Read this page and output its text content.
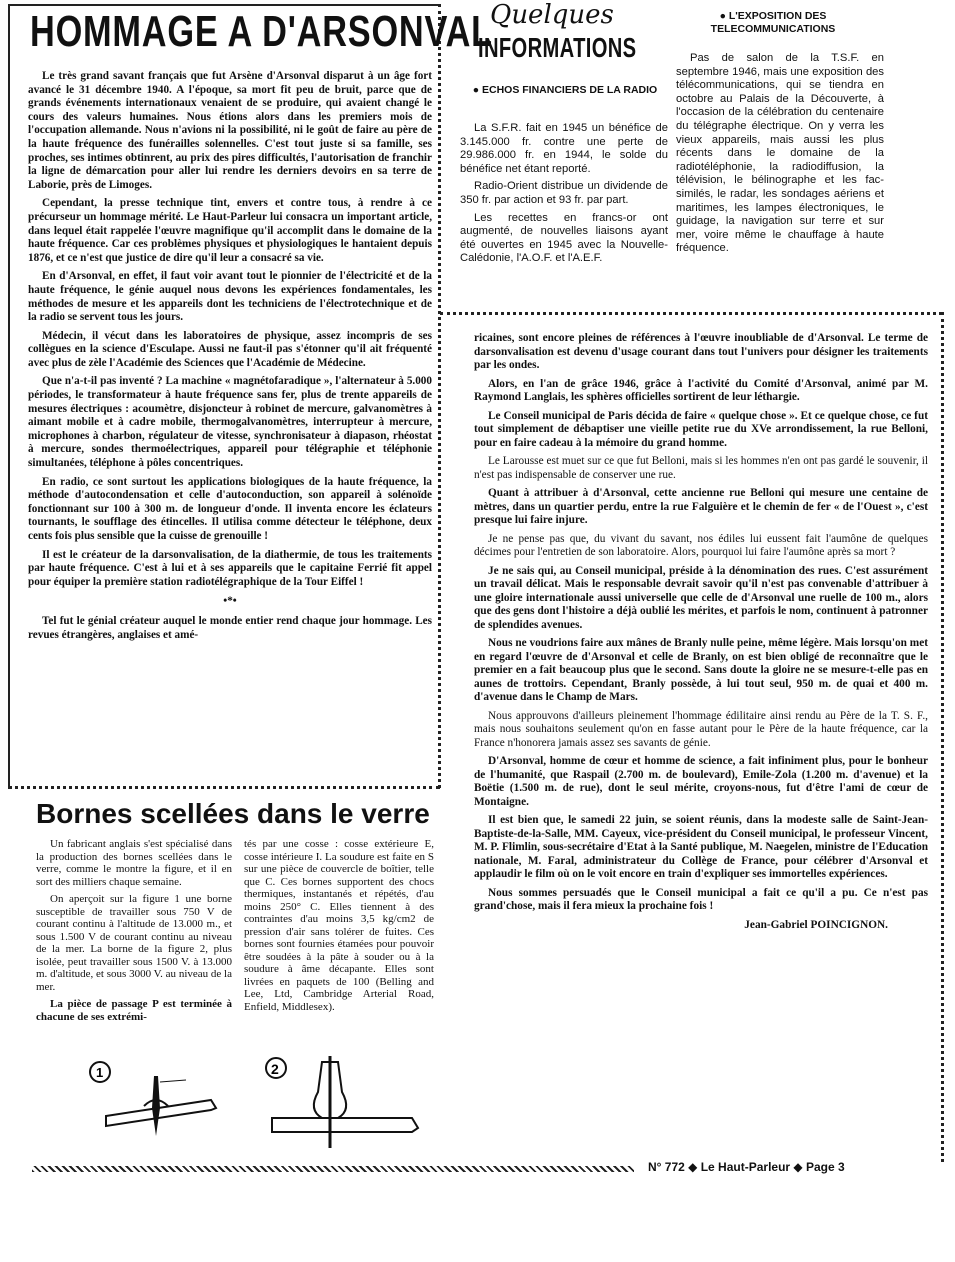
HOMMAGE A D'ARSONVAL

Le très grand savant français que fut Arsène d'Arsonval disparut à un âge fort avancé le 31 décembre 1940. A l'époque, sa mort fit peu de bruit, parce que de grands événements internationaux venaient de se produire, qui avaient changé le cours des valeurs humaines. Nous étions alors dans les premiers mois de l'occupation allemande. Nous n'avions ni la possibilité, ni le goût de faire au père de la haute fréquence des funérailles solennelles. C'est tout juste si sa famille, ses proches, ses intimes obtinrent, au prix des pires difficultés, l'autorisation de franchir la ligne de démarcation pour aller lui rendre les derniers devoirs en sa terre de Laborie, près de Limoges.

Cependant, la presse technique tint, envers et contre tous, à rendre à ce précurseur un hommage mérité. Le Haut-Parleur lui consacra un important article, dans lequel était rappelée l'œuvre magnifique qu'il accomplit dans le domaine de la haute fréquence. Car ces problèmes physiques et physiologiques le hantaient depuis 1876, et ce n'est que justice de dire qu'il leur a consacré sa vie.

En d'Arsonval, en effet, il faut voir avant tout le pionnier de l'électricité et de la haute fréquence, le génie auquel nous devons les expériences fondamentales, les méthodes de mesure et les appareils dont les techniciens de l'électrotechnique et de la radio se servent tous les jours.

Médecin, il vécut dans les laboratoires de physique, assez incompris de ses collègues en la science d'Esculape. Aussi ne faut-il pas s'étonner qu'il ait fréquenté avec plus de zèle l'Académie des Sciences que l'Académie de Médecine.

Que n'a-t-il pas inventé ? La machine « magnétofaradique », l'alternateur à 5.000 périodes, le transformateur à haute fréquence sans fer, plus de trente appareils de mesures électriques : acoumètre, disjoncteur à robinet de mercure, galvanomètres à aimant mobile et à cadre mobile, thermogalvanomètres, interrupteur à mercure, microphones à charbon, régulateur de vitesse, synchronisateur à diapason, rhéostat à mercure, sondes thermoélectriques, appareil pour télégraphie et téléphonie simultanées, téléphone à pôles concentriques.

En radio, ce sont surtout les applications biologiques de la haute fréquence, la méthode d'autocondensation et celle d'autoconduction, son appareil à solénoïde fonctionnant sur 100 à 300 m. de longueur d'onde. Il inventa encore les éclateurs tournants, le soufflage des étincelles. Il utilisa comme détecteur le téléphone, deux cents fois plus sensible que la cuisse de grenouille !

Il est le créateur de la darsonvalisation, de la diathermie, de tous les traitements par haute fréquence. C'est à lui et à ses appareils que le capitaine Ferrié fit appel pour équiper la première station radiotélégraphique de la Tour Eiffel !

•*•

Tel fut le génial créateur auquel le monde entier rend chaque jour hommage. Les revues étrangères, anglaises et amé-

ricaines, sont encore pleines de références à l'œuvre inoubliable de d'Arsonval. Le terme de darsonvalisation est devenu d'usage courant dans tout l'univers pour désigner les traitements par les ondes.

Alors, en l'an de grâce 1946, grâce à l'activité du Comité d'Arsonval, animé par M. Raymond Langlais, les sphères officielles sortirent de leur léthargie.

Le Conseil municipal de Paris décida de faire « quelque chose ». Et ce quelque chose, ce fut tout simplement de débaptiser une vieille petite rue du XVe arrondissement, la rue Belloni, pour en faire cadeau à la mémoire du grand homme.

Le Larousse est muet sur ce que fut Belloni, mais si les hommes n'en ont pas gardé le souvenir, il n'est pas indispensable de conserver une rue.

Quant à attribuer à d'Arsonval, cette ancienne rue Belloni qui mesure une centaine de mètres, dans un quartier perdu, entre la rue Falguière et le chemin de fer « de l'Ouest », c'est presque lui faire injure.

Je ne pense pas que, du vivant du savant, nos édiles lui eussent fait l'aumône de quelques décimes pour l'entretien de son laboratoire. Alors, pourquoi lui faire l'aumône après sa mort ?

Je ne sais qui, au Conseil municipal, préside à la dénomination des rues. C'est assurément un travail délicat. Mais le responsable devrait savoir qu'il n'est pas convenable d'attribuer à une gloire internationale aussi universelle que celle de d'Arsonval une ruelle de 100 m., alors que des gens dont l'histoire a déjà oublié les mérites, et parfois le nom, continuent à patronner de splendides avenues.

Nous ne voudrions faire aux mânes de Branly nulle peine, même légère. Mais lorsqu'on met en regard l'œuvre de d'Arsonval et celle de Branly, on est bien obligé de reconnaître que le premier en a fait beaucoup plus que le second. Sans doute la gloire ne se mesure-t-elle pas en aunes de trottoirs. Cependant, Branly possède, à lui tout seul, 950 m. de quai et 400 m. d'avenue dans le Champ de Mars.

Nous approuvons d'ailleurs pleinement l'hommage édilitaire ainsi rendu au Père de la T. S. F., mais nous souhaitons seulement qu'on en fasse autant pour le Père de la haute fréquence, car la France n'honorera jamais assez ses savants de génie.

D'Arsonval, homme de cœur et homme de science, a fait infiniment plus, pour le bonheur de l'humanité, que Raspail (2.700 m. de boulevard), Emile-Zola (1.200 m. d'avenue) et la Boëtie (1.500 m. de rue), dont le seul mérite, croyons-nous, fut d'être l'ami de cœur de Montaigne.

Il est bien que, le samedi 22 juin, se soient réunis, dans la modeste salle de Saint-Jean-Baptiste-de-la-Salle, MM. Cayeux, vice-président du Conseil municipal, le professeur Vincent, M. P. Flimlin, sous-secrétaire d'Etat à la Santé publique, M. Naegelen, ministre de l'Education nationale, M. Faral, administrateur du Collège de France, pour célébrer d'Arsonval et applaudir le film où on le voit encore en train d'expliquer ses immortelles expériences.

Nous sommes persuadés que le Conseil municipal a fait ce qu'il a pu. Ce n'est pas grand'chose, mais il fera mieux la prochaine fois !

Jean-Gabriel POINCIGNON.
Quelques
INFORMATIONS
● ECHOS FINANCIERS DE LA RADIO

La S.F.R. fait en 1945 un bénéfice de 3.145.000 fr. contre une perte de 29.986.000 fr. en 1944, le solde du bénéfice net étant reporté.

Radio-Orient distribue un dividende de 350 fr. par action et 93 fr. par part.

Les recettes en francs-or ont augmenté, de nouvelles liaisons ayant été ouvertes en 1945 avec la Nouvelle-Calédonie, l'A.O.F. et l'A.E.F.

● L'EXPOSITION DES TELECOMMUNICATIONS

Pas de salon de la T.S.F. en septembre 1946, mais une exposition des télécommunications, qui se tiendra en octobre au Palais de la Découverte, à l'occasion de la célébration du centenaire du télégraphe électrique. On y verra les vieux appareils, mais aussi les plus récents dans le domaine de la radiotéléphonie, la radiodiffusion, la télévision, le bélinographe et les fac-similés, le radar, les sondages aériens et maritimes, les lampes électroniques, le guidage, la navigation sur terre et sur mer, voire même le chauffage à haute fréquence.

Bornes scellées dans le verre

Un fabricant anglais s'est spécialisé dans la production des bornes scellées dans le verre, comme le montre la figure, et il en sort des milliers chaque semaine.

On aperçoit sur la figure 1 une borne susceptible de travailler sous 750 V de courant continu à l'altitude de 13.000 m., et sous 1.500 V de courant continu au niveau de la mer. La borne de la figure 2, plus isolée, peut travailler sous 1500 V. à 13.000 m. d'altitude, et sous 3000 V. au niveau de la mer.

La pièce de passage P est terminée à chacune de ses extrémi-

tés par une cosse : cosse extérieure E, cosse intérieure I. La soudure est faite en S sur une pièce de couvercle de boîtier, telle que C. Ces bornes supportent des chocs thermiques, instantanés et répétés, d'au moins 250° C. Elles tiennent à des contraintes d'au moins 3,5 kg/cm2 de pression d'air sans tolérer de fuites. Ces bornes sont fournies étamées pour pouvoir être soudées à la pâte à souder ou à la soudure à âme décapante. Elles sont livrées en paquets de 100 (Belling and Lee, Ltd, Cambridge Arterial Road, Enfield, Middlesex).

1	2
N° 772 ◆ Le Haut-Parleur ◆ Page 3
